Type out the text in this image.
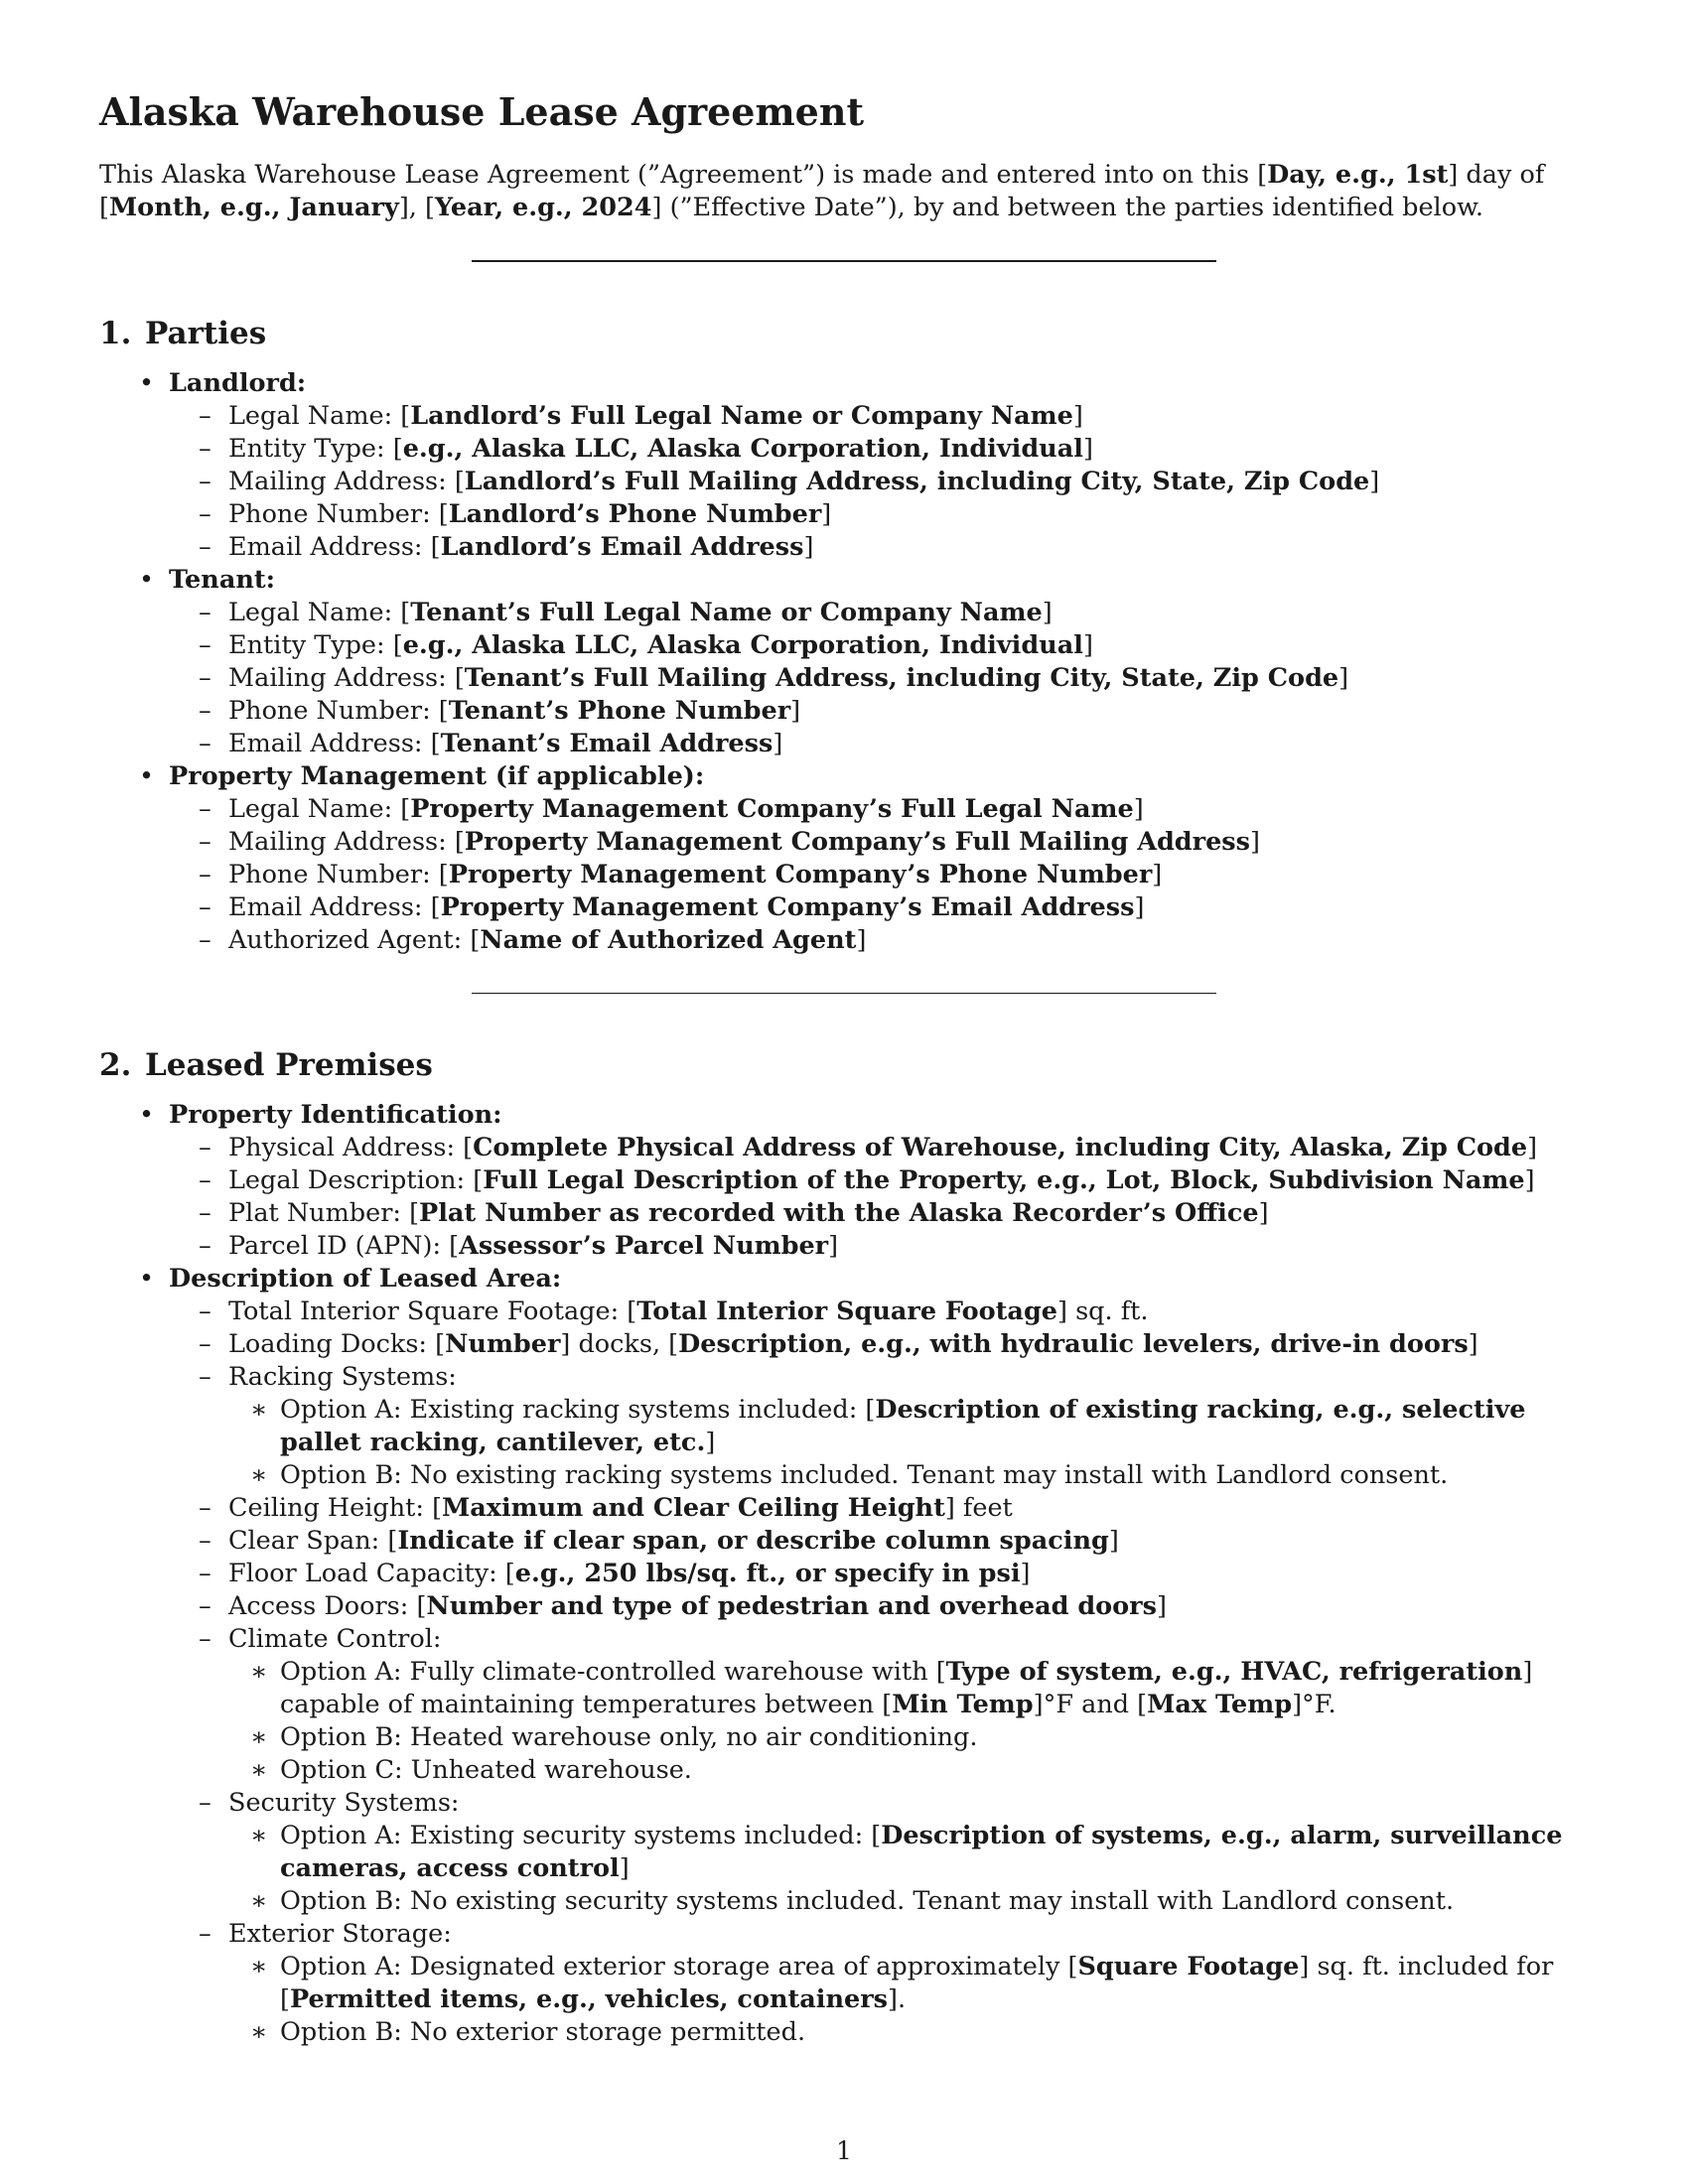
Alaska Warehouse Lease Agreement

This Alaska Warehouse Lease Agreement (”Agreement”) is made and entered into on this [Day, e.g., 1st] day of [Month, e.g., January], [Year, e.g., 2024] (”Effective Date”), by and between the parties identified below.

1. Parties
• Landlord:
– Legal Name: [Landlord’s Full Legal Name or Company Name]
– Entity Type: [e.g., Alaska LLC, Alaska Corporation, Individual]
– Mailing Address: [Landlord’s Full Mailing Address, including City, State, Zip Code]
– Phone Number: [Landlord’s Phone Number]
– Email Address: [Landlord’s Email Address]
• Tenant:
– Legal Name: [Tenant’s Full Legal Name or Company Name]
– Entity Type: [e.g., Alaska LLC, Alaska Corporation, Individual]
– Mailing Address: [Tenant’s Full Mailing Address, including City, State, Zip Code]
– Phone Number: [Tenant’s Phone Number]
– Email Address: [Tenant’s Email Address]
• Property Management (if applicable):
– Legal Name: [Property Management Company’s Full Legal Name]
– Mailing Address: [Property Management Company’s Full Mailing Address]
– Phone Number: [Property Management Company’s Phone Number]
– Email Address: [Property Management Company’s Email Address]
– Authorized Agent: [Name of Authorized Agent]
2. Leased Premises
• Property Identification:
– Physical Address: [Complete Physical Address of Warehouse, including City, Alaska, Zip Code]
– Legal Description: [Full Legal Description of the Property, e.g., Lot, Block, Subdivision Name]
– Plat Number: [Plat Number as recorded with the Alaska Recorder’s Office]
– Parcel ID (APN): [Assessor’s Parcel Number]
• Description of Leased Area:
– Total Interior Square Footage: [Total Interior Square Footage] sq. ft.
– Loading Docks: [Number] docks, [Description, e.g., with hydraulic levelers, drive-in doors]
– Racking Systems:
∗ Option A: Existing racking systems included: [Description of existing racking, e.g., selective pallet racking, cantilever, etc.]
∗ Option B: No existing racking systems included. Tenant may install with Landlord consent.
– Ceiling Height: [Maximum and Clear Ceiling Height] feet
– Clear Span: [Indicate if clear span, or describe column spacing]
– Floor Load Capacity: [e.g., 250 lbs/sq. ft., or specify in psi]
– Access Doors: [Number and type of pedestrian and overhead doors]
– Climate Control:
∗ Option A: Fully climate-controlled warehouse with [Type of system, e.g., HVAC, refrigeration] capable of maintaining temperatures between [Min Temp]°F and [Max Temp]°F.
∗ Option B: Heated warehouse only, no air conditioning.
∗ Option C: Unheated warehouse.
– Security Systems:
∗ Option A: Existing security systems included: [Description of systems, e.g., alarm, surveillance cameras, access control]
∗ Option B: No existing security systems included. Tenant may install with Landlord consent.
– Exterior Storage:
∗ Option A: Designated exterior storage area of approximately [Square Footage] sq. ft. included for [Permitted items, e.g., vehicles, containers].
∗ Option B: No exterior storage permitted.
1
